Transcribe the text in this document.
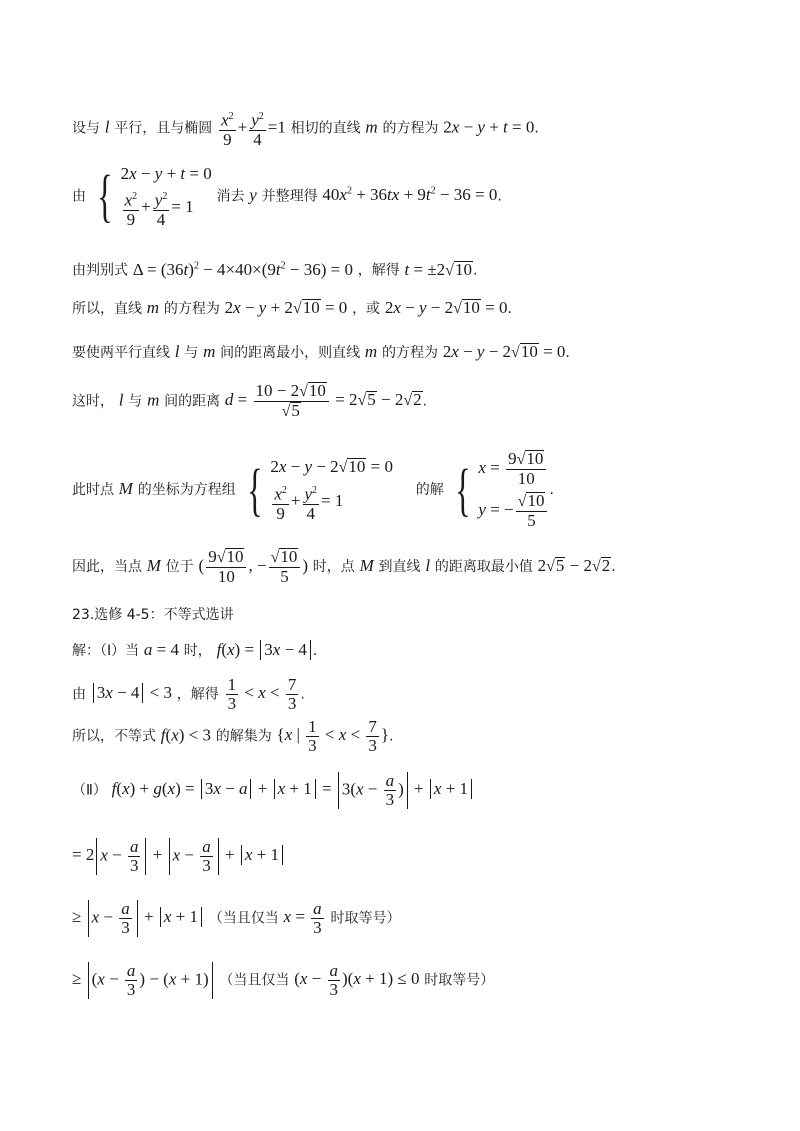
设与 l 平行，且与椭圆 $\frac{x^2}{9} + \frac{y^2}{4} =1$ 相切的直线 m 的方程为 2x − y + t = 0.
由 { 2x − y + t = 0
$\frac{x^2}{9} + \frac{y^2}{4} = 1$
消去 y 并整理得 $40x^2 + 36tx + 9t^2 - 36 = 0$.
由判别式 $\Delta = (36t)^2 - 4\times 40\times(9t^2 - 36) = 0$ ，解得 t = ±2√10.
所以，直线 m 的方程为 2x − y + 2√10 = 0 ，或 2x − y − 2√10 = 0.
要使两平行直线 l 与 m 间的距离最小，则直线 m 的方程为 2x − y − 2√10 = 0.
这时， l 与 m 间的距离 $d = \frac{10 - 2√10}{√5} = 2√5 - 2√2$.
此时点 M 的坐标为方程组 { 2x − y − 2√10 = 0
$\frac{x^2}{9} + \frac{y^2}{4} = 1$
的解 { $x = \frac{9√10}{10}$
y = − $\frac{√10}{5}$
.
因此，当点 M 位于 ( $\frac{9√10}{10}$ , − $\frac{√10}{5}$ ) 时，点 M 到直线 l 的距离取最小值 2√5 − 2√2.
23.选修 4-5：不等式选讲
解：（Ⅰ）当 a = 4 时， f(x) = 3x − 4 .
由 3x − 4 < 3 ，解得 $\frac{1}{3} < x < \frac{7}{3}$ .
所以，不等式 f(x) < 3 的解集为 {x | $\frac{1}{3} < x < \frac{7}{3}$ }.
（Ⅱ） $f(x) + g(x) = 3x - a + x + 1 = 3(x - \frac{a}{3}$ ) + x + 1
= 2 $x - \frac{a}{3} + x - \frac{a}{3} + x + 1$
≥ $x - \frac{a}{3} + x + 1$ （当且仅当 $x = \frac{a}{3}$ 时取等号）
≥ ($x - \frac{a}{3}$ ) − (x + 1) （当且仅当 $(x - \frac{a}{3} )(x + 1) \le 0$ 时取等号）
